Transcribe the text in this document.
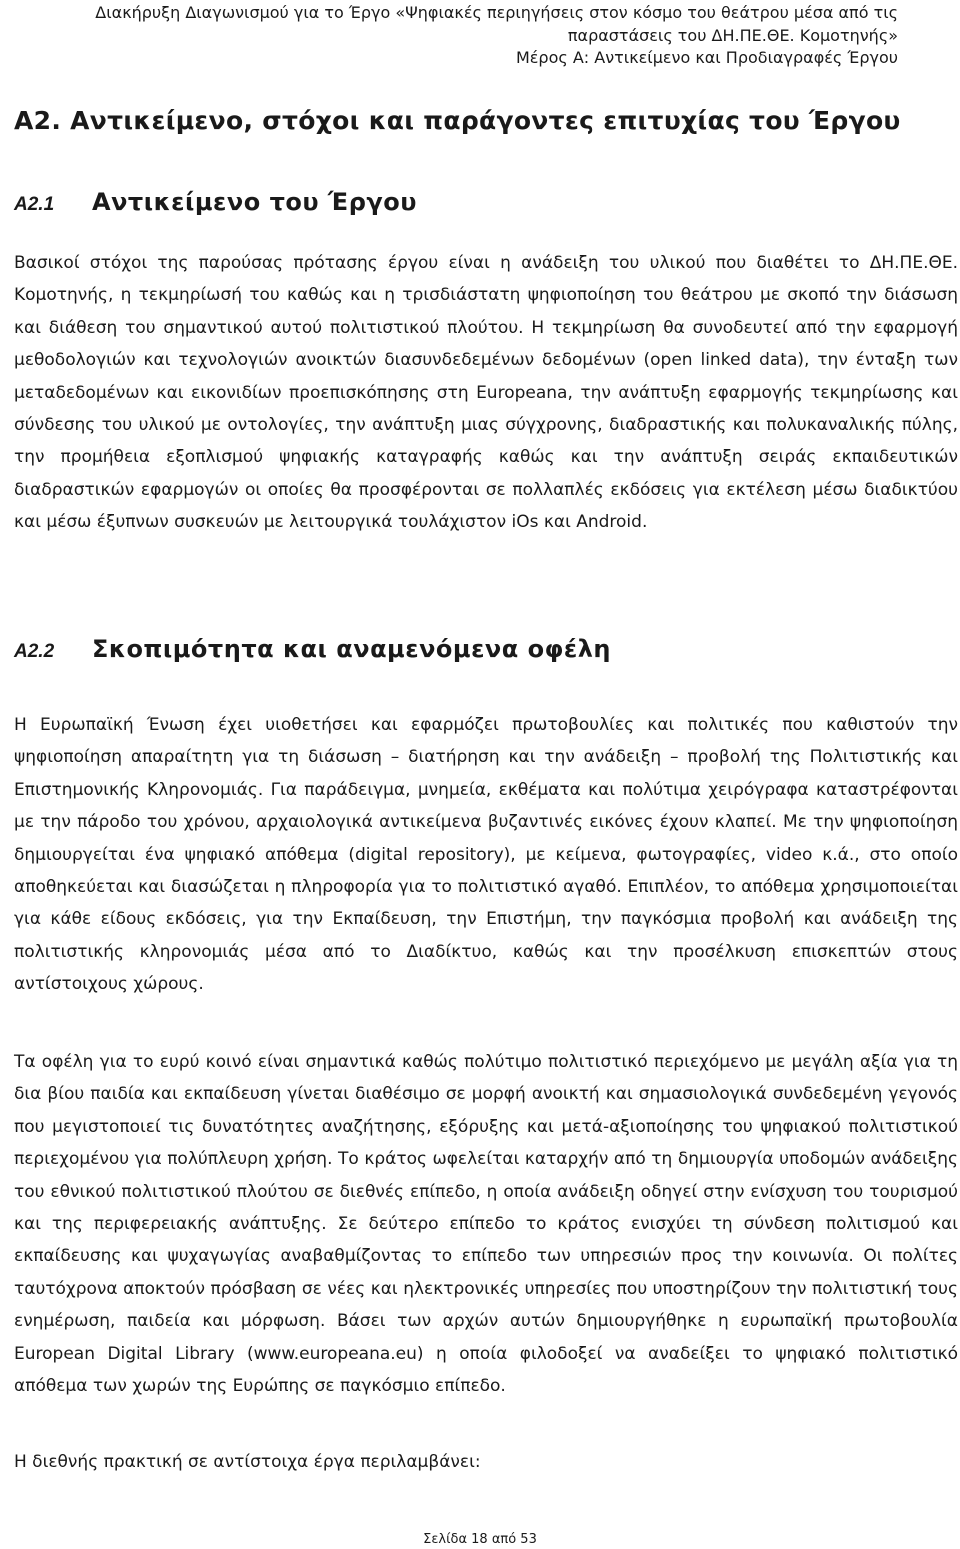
Διακήρυξη Διαγωνισμού για το Έργο «Ψηφιακές περιηγήσεις στον κόσμο του θεάτρου μέσα από τις
παραστάσεις του ΔΗ.ΠΕ.ΘΕ. Κομοτηνής»
Μέρος Α: Αντικείμενο και Προδιαγραφές Έργου
Α2. Αντικείμενο, στόχοι και παράγοντες επιτυχίας του Έργου
Α2.1 Αντικείμενο του Έργου

Βασικοί στόχοι της παρούσας πρότασης έργου είναι η ανάδειξη του υλικού που διαθέτει το ΔΗ.ΠΕ.ΘΕ. Κομοτηνής, η τεκμηρίωσή του καθώς και η τρισδιάστατη ψηφιοποίηση του θεάτρου με σκοπό την διάσωση και διάθεση του σημαντικού αυτού πολιτιστικού πλούτου. Η τεκμηρίωση θα συνοδευτεί από την εφαρμογή μεθοδολογιών και τεχνολογιών ανοικτών διασυνδεδεμένων δεδομένων (open linked data), την ένταξη των μεταδεδομένων και εικονιδίων προεπισκόπησης στη Europeana, την ανάπτυξη εφαρμογής τεκμηρίωσης και σύνδεσης του υλικού με οντολογίες, την ανάπτυξη μιας σύγχρονης, διαδραστικής και πολυκαναλικής πύλης, την προμήθεια εξοπλισμού ψηφιακής καταγραφής καθώς και την ανάπτυξη σειράς εκπαιδευτικών διαδραστικών εφαρμογών οι οποίες θα προσφέρονται σε πολλαπλές εκδόσεις για εκτέλεση μέσω διαδικτύου και μέσω έξυπνων συσκευών με λειτουργικά τουλάχιστον iOs και Android.

Α2.2 Σκοπιμότητα και αναμενόμενα οφέλη

Η Ευρωπαϊκή Ένωση έχει υιοθετήσει και εφαρμόζει πρωτοβουλίες και πολιτικές που καθιστούν την ψηφιοποίηση απαραίτητη για τη διάσωση – διατήρηση και την ανάδειξη – προβολή της Πολιτιστικής και Επιστημονικής Κληρονομιάς. Για παράδειγμα, μνημεία, εκθέματα και πολύτιμα χειρόγραφα καταστρέφονται με την πάροδο του χρόνου, αρχαιολογικά αντικείμενα βυζαντινές εικόνες έχουν κλαπεί. Με την ψηφιοποίηση δημιουργείται ένα ψηφιακό απόθεμα (digital repository), με κείμενα, φωτογραφίες, video κ.ά., στο οποίο αποθηκεύεται και διασώζεται η πληροφορία για το πολιτιστικό αγαθό. Επιπλέον, το απόθεμα χρησιμοποιείται για κάθε είδους εκδόσεις, για την Εκπαίδευση, την Επιστήμη, την παγκόσμια προβολή και ανάδειξη της πολιτιστικής κληρονομιάς μέσα από το Διαδίκτυο, καθώς και την προσέλκυση επισκεπτών στους αντίστοιχους χώρους.

Τα οφέλη για το ευρύ κοινό είναι σημαντικά καθώς πολύτιμο πολιτιστικό περιεχόμενο με μεγάλη αξία για τη δια βίου παιδία και εκπαίδευση γίνεται διαθέσιμο σε μορφή ανοικτή και σημασιολογικά συνδεδεμένη γεγονός που μεγιστοποιεί τις δυνατότητες αναζήτησης, εξόρυξης και μετά-αξιοποίησης του ψηφιακού πολιτιστικού περιεχομένου για πολύπλευρη χρήση. Το κράτος ωφελείται καταρχήν από τη δημιουργία υποδομών ανάδειξης του εθνικού πολιτιστικού πλούτου σε διεθνές επίπεδο, η οποία ανάδειξη οδηγεί στην ενίσχυση του τουρισμού και της περιφερειακής ανάπτυξης. Σε δεύτερο επίπεδο το κράτος ενισχύει τη σύνδεση πολιτισμού και εκπαίδευσης και ψυχαγωγίας αναβαθμίζοντας το επίπεδο των υπηρεσιών προς την κοινωνία. Οι πολίτες ταυτόχρονα αποκτούν πρόσβαση σε νέες και ηλεκτρονικές υπηρεσίες που υποστηρίζουν την πολιτιστική τους ενημέρωση, παιδεία και μόρφωση. Βάσει των αρχών αυτών δημιουργήθηκε η ευρωπαϊκή πρωτοβουλία European Digital Library (www.europeana.eu) η οποία φιλοδοξεί να αναδείξει το ψηφιακό πολιτιστικό απόθεμα των χωρών της Ευρώπης σε παγκόσμιο επίπεδο.

Η διεθνής πρακτική σε αντίστοιχα έργα περιλαμβάνει:

Σελίδα 18 από 53
